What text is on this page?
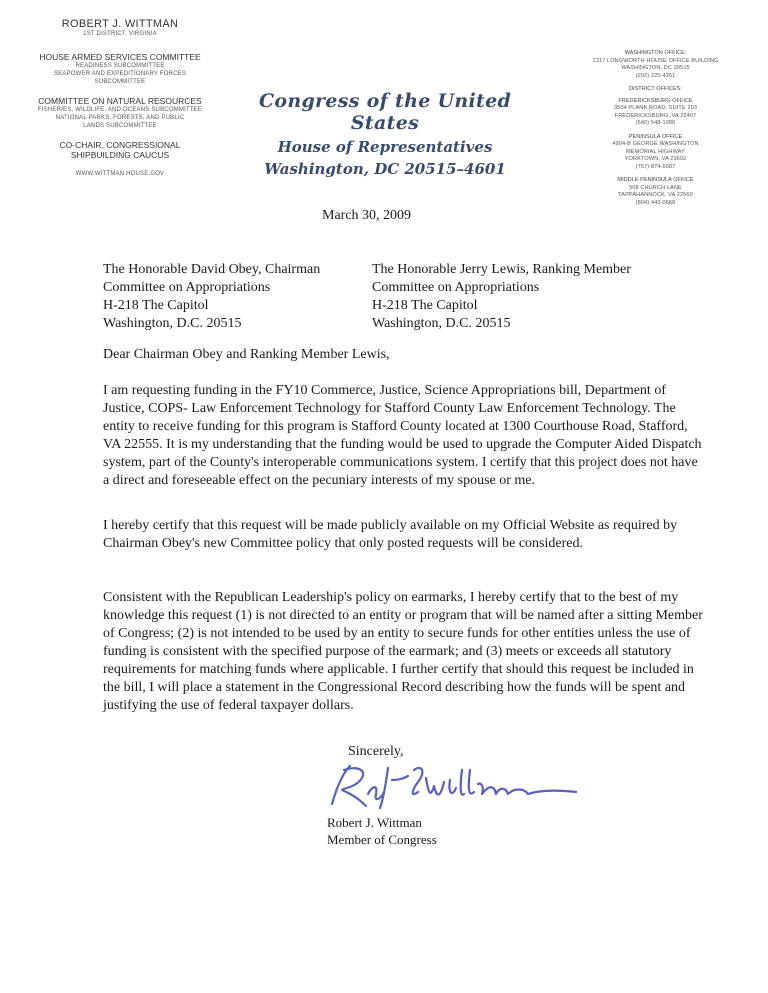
ROBERT J. WITTMAN
1ST DISTRICT, VIRGINIA
HOUSE ARMED SERVICES COMMITTEE
READINESS SUBCOMMITTEE
SEAPOWER AND EXPEDITIONARY FORCES SUBCOMMITTEE
COMMITTEE ON NATURAL RESOURCES
FISHERIES, WILDLIFE, AND OCEANS SUBCOMMITTEE
NATIONAL PARKS, FORESTS, AND PUBLIC LANDS SUBCOMMITTEE
CO-CHAIR, CONGRESSIONAL SHIPBUILDING CAUCUS
WWW.WITTMAN.HOUSE.GOV
Congress of the United States
House of Representatives
Washington, DC 20515–4601
WASHINGTON OFFICE:
1317 LONGWORTH HOUSE OFFICE BUILDING
WASHINGTON, DC 20515
(202) 225-4261
DISTRICT OFFICES:
FREDERICKSBURG OFFICE
3504 PLANK ROAD, SUITE 203
FREDERICKSBURG, VA 22407
(540) 548-1086
PENINSULA OFFICE
4904-B GEORGE WASHINGTON
MEMORIAL HIGHWAY
YORKTOWN, VA 23692
(757) 874-6687
MIDDLE PENINSULA OFFICE
508 CHURCH LANE
TAPPAHANNOCK, VA 22560
(804) 443-0668
March 30, 2009
The Honorable David Obey, Chairman
Committee on Appropriations
H-218 The Capitol
Washington, D.C. 20515
The Honorable Jerry Lewis, Ranking Member
Committee on Appropriations
H-218 The Capitol
Washington, D.C. 20515

Dear Chairman Obey and Ranking Member Lewis,

I am requesting funding in the FY10 Commerce, Justice, Science Appropriations bill, Department of Justice, COPS- Law Enforcement Technology for Stafford County Law Enforcement Technology. The entity to receive funding for this program is Stafford County located at 1300 Courthouse Road, Stafford, VA 22555. It is my understanding that the funding would be used to upgrade the Computer Aided Dispatch system, part of the County's interoperable communications system. I certify that this project does not have a direct and foreseeable effect on the pecuniary interests of my spouse or me.

I hereby certify that this request will be made publicly available on my Official Website as required by Chairman Obey's new Committee policy that only posted requests will be considered.

Consistent with the Republican Leadership's policy on earmarks, I hereby certify that to the best of my knowledge this request (1) is not directed to an entity or program that will be named after a sitting Member of Congress; (2) is not intended to be used by an entity to secure funds for other entities unless the use of funding is consistent with the specified purpose of the earmark; and (3) meets or exceeds all statutory requirements for matching funds where applicable. I further certify that should this request be included in the bill, I will place a statement in the Congressional Record describing how the funds will be spent and justifying the use of federal taxpayer dollars.

Sincerely,
Robert J. Wittman
Member of Congress
